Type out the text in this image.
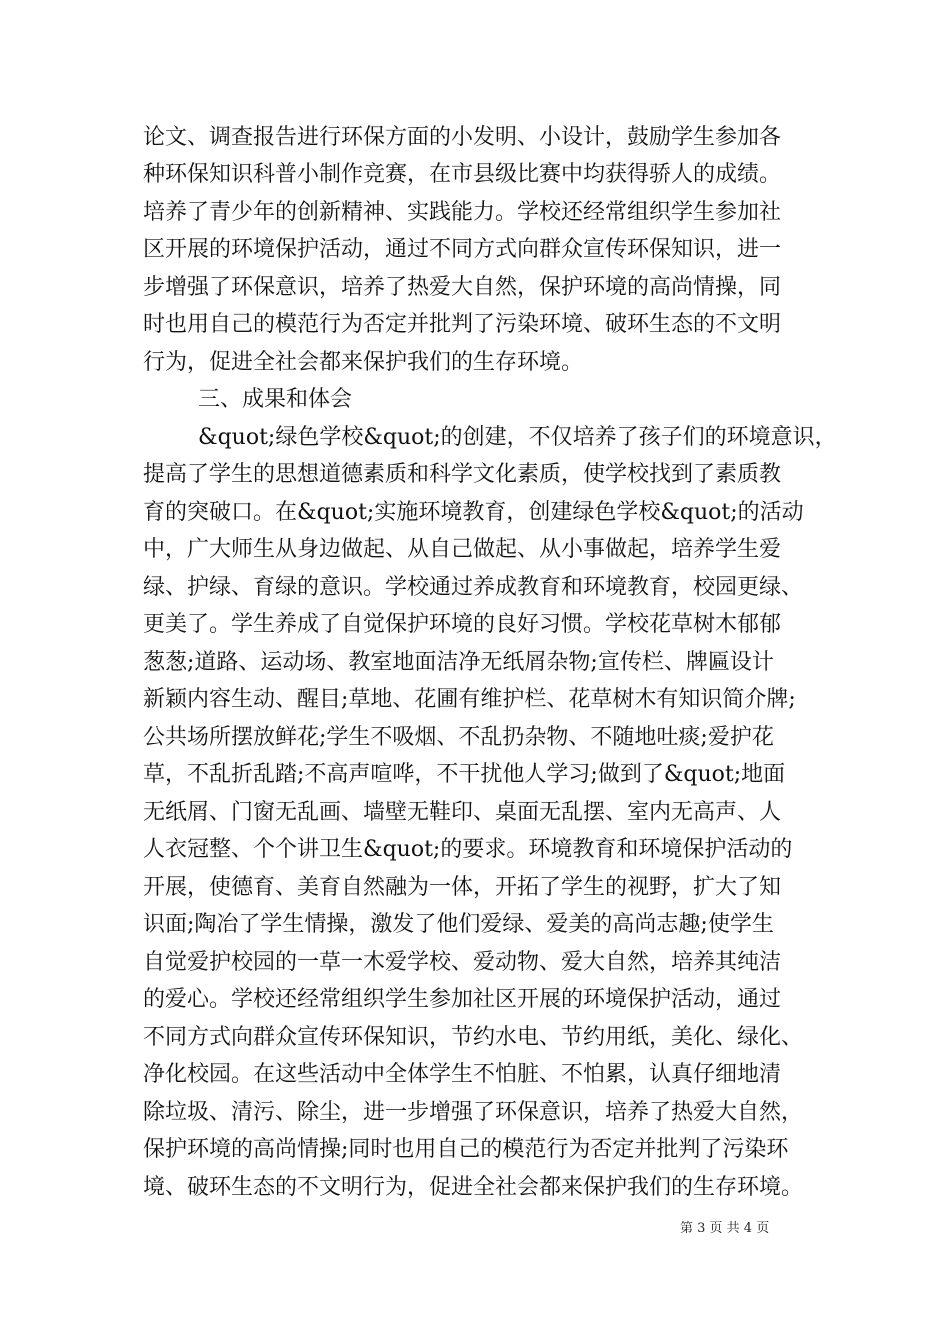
论文、调查报告进行环保方面的小发明、小设计，鼓励学生参加各
种环保知识科普小制作竞赛，在市县级比赛中均获得骄人的成绩。
培养了青少年的创新精神、实践能力。学校还经常组织学生参加社
区开展的环境保护活动，通过不同方式向群众宣传环保知识，进一
步增强了环保意识，培养了热爱大自然，保护环境的高尚情操，同
时也用自己的模范行为否定并批判了污染环境、破环生态的不文明
行为，促进全社会都来保护我们的生存环境。
三、成果和体会
&quot;绿色学校&quot;的创建，不仅培养了孩子们的环境意识，
提高了学生的思想道德素质和科学文化素质，使学校找到了素质教
育的突破口。在&quot;实施环境教育，创建绿色学校&quot;的活动
中，广大师生从身边做起、从自己做起、从小事做起，培养学生爱
绿、护绿、育绿的意识。学校通过养成教育和环境教育，校园更绿、
更美了。学生养成了自觉保护环境的良好习惯。学校花草树木郁郁
葱葱;道路、运动场、教室地面洁净无纸屑杂物;宣传栏、牌匾设计
新颖内容生动、醒目;草地、花圃有维护栏、花草树木有知识简介牌;
公共场所摆放鲜花;学生不吸烟、不乱扔杂物、不随地吐痰;爱护花
草，不乱折乱踏;不高声喧哗，不干扰他人学习;做到了&quot;地面
无纸屑、门窗无乱画、墙壁无鞋印、桌面无乱摆、室内无高声、人
人衣冠整、个个讲卫生&quot;的要求。环境教育和环境保护活动的
开展，使德育、美育自然融为一体，开拓了学生的视野，扩大了知
识面;陶冶了学生情操，激发了他们爱绿、爱美的高尚志趣;使学生
自觉爱护校园的一草一木爱学校、爱动物、爱大自然，培养其纯洁
的爱心。学校还经常组织学生参加社区开展的环境保护活动，通过
不同方式向群众宣传环保知识，节约水电、节约用纸，美化、绿化、
净化校园。在这些活动中全体学生不怕脏、不怕累，认真仔细地清
除垃圾、清污、除尘，进一步增强了环保意识，培养了热爱大自然，
保护环境的高尚情操;同时也用自己的模范行为否定并批判了污染环
境、破环生态的不文明行为，促进全社会都来保护我们的生存环境。
第 3 页 共 4 页
